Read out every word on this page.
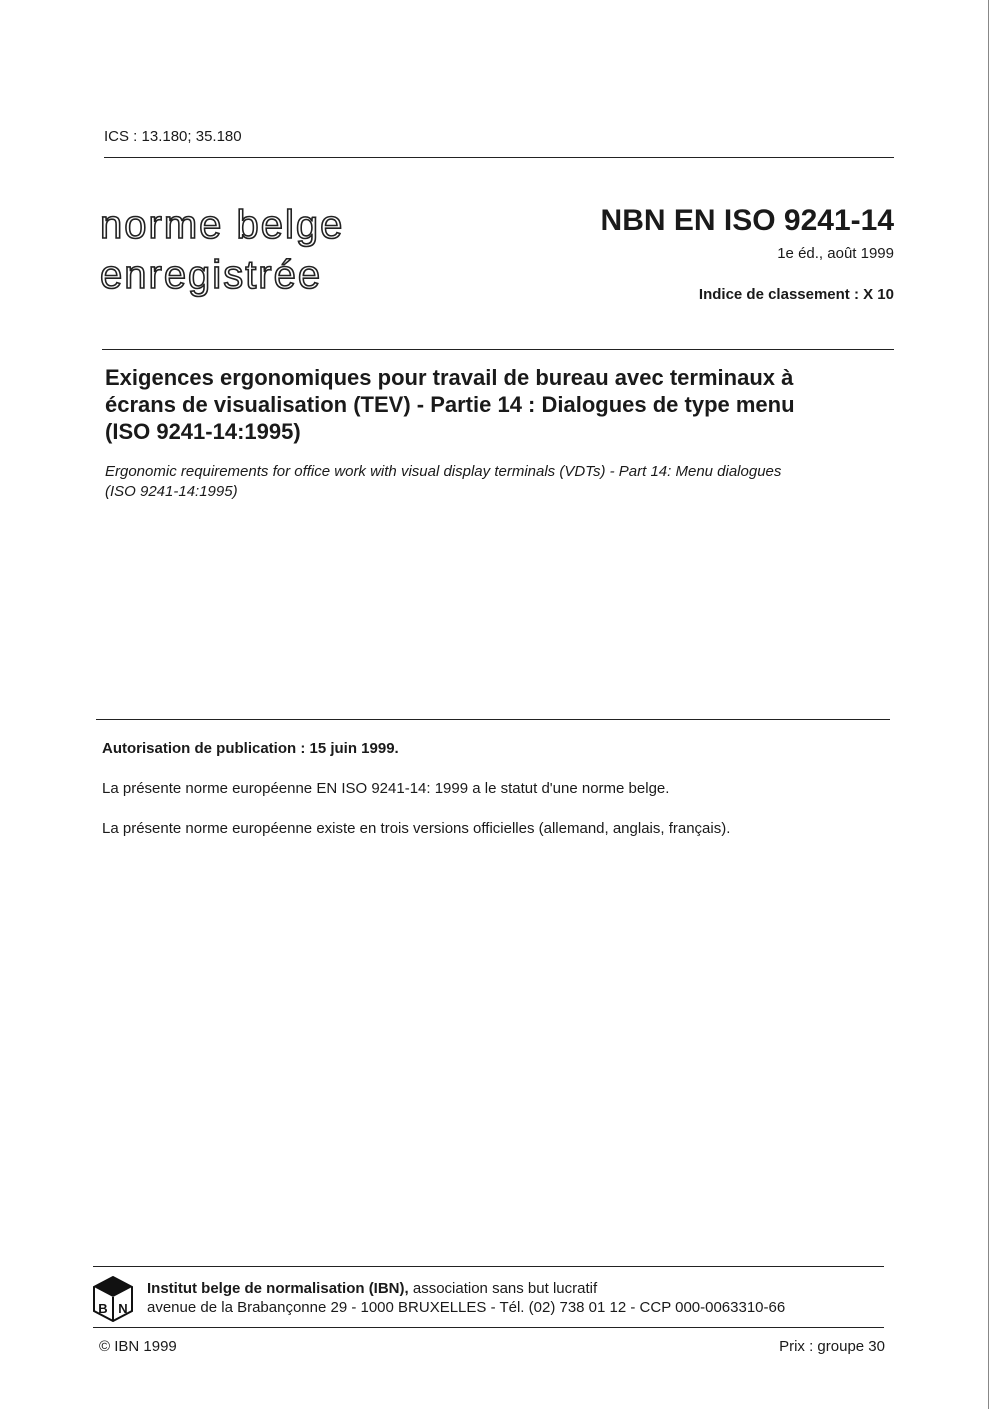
ICS : 13.180; 35.180
norme belge
enregistrée
NBN EN ISO 9241-14
1e éd., août 1999
Indice de classement : X 10
Exigences ergonomiques pour travail de bureau avec terminaux à
écrans de visualisation (TEV) - Partie 14 : Dialogues de type menu
(ISO 9241-14:1995)
Ergonomic requirements for office work with visual display terminals (VDTs) - Part 14: Menu dialogues
(ISO 9241-14:1995)
Autorisation de publication : 15 juin 1999.
La présente norme européenne EN ISO 9241-14: 1999 a le statut d'une norme belge.
La présente norme européenne existe en trois versions officielles (allemand, anglais, français).
B N
Institut belge de normalisation (IBN), association sans but lucratif
avenue de la Brabançonne 29 - 1000 BRUXELLES - Tél. (02) 738 01 12 - CCP 000-0063310-66
© IBN 1999	Prix : groupe 30
